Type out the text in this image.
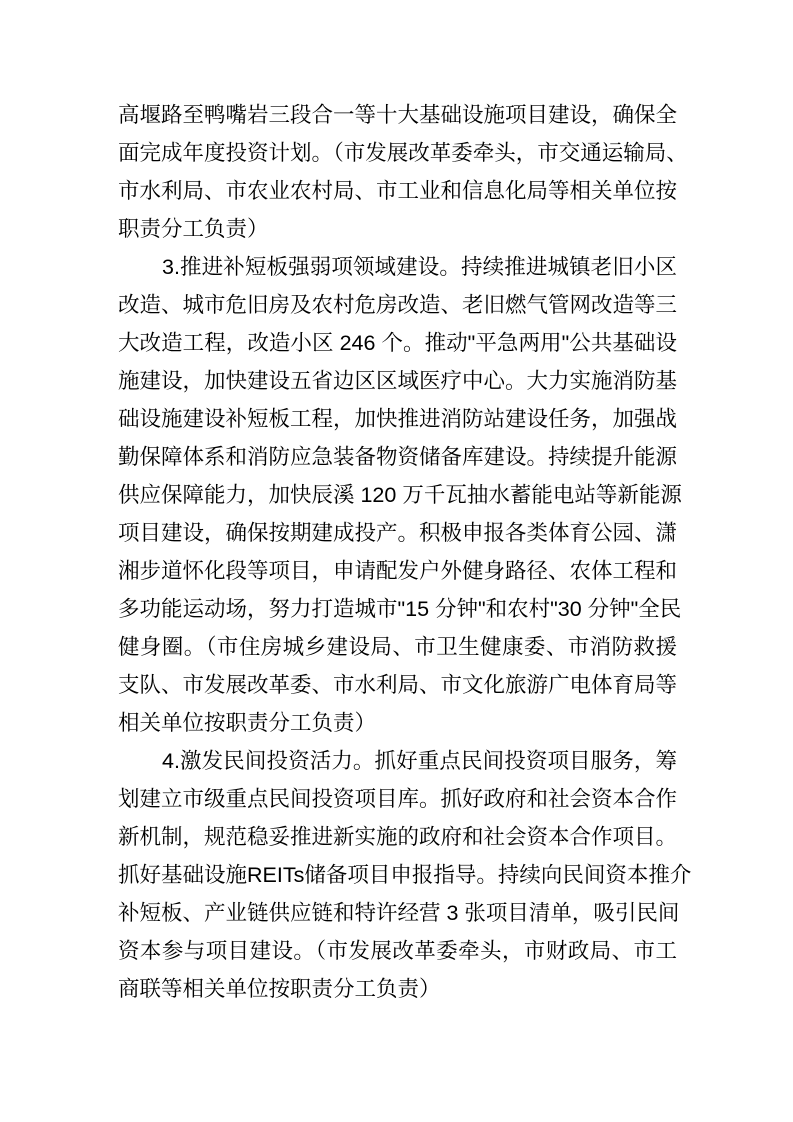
高堰路至鸭嘴岩三段合一等十大基础设施项目建设，确保全
面完成年度投资计划。（市发展改革委牵头，市交通运输局、
市水利局、市农业农村局、市工业和信息化局等相关单位按
职责分工负责）
3.推进补短板强弱项领域建设。持续推进城镇老旧小区
改造、城市危旧房及农村危房改造、老旧燃气管网改造等三
大改造工程，改造小区 246 个。推动"平急两用"公共基础设
施建设，加快建设五省边区区域医疗中心。大力实施消防基
础设施建设补短板工程，加快推进消防站建设任务，加强战
勤保障体系和消防应急装备物资储备库建设。持续提升能源
供应保障能力，加快辰溪 120 万千瓦抽水蓄能电站等新能源
项目建设，确保按期建成投产。积极申报各类体育公园、潇
湘步道怀化段等项目，申请配发户外健身路径、农体工程和
多功能运动场，努力打造城市"15 分钟"和农村"30 分钟"全民
健身圈。（市住房城乡建设局、市卫生健康委、市消防救援
支队、市发展改革委、市水利局、市文化旅游广电体育局等
相关单位按职责分工负责）
4.激发民间投资活力。抓好重点民间投资项目服务，筹
划建立市级重点民间投资项目库。抓好政府和社会资本合作
新机制，规范稳妥推进新实施的政府和社会资本合作项目。
抓好基础设施REITs储备项目申报指导。持续向民间资本推介
补短板、产业链供应链和特许经营 3 张项目清单，吸引民间
资本参与项目建设。（市发展改革委牵头，市财政局、市工
商联等相关单位按职责分工负责）
